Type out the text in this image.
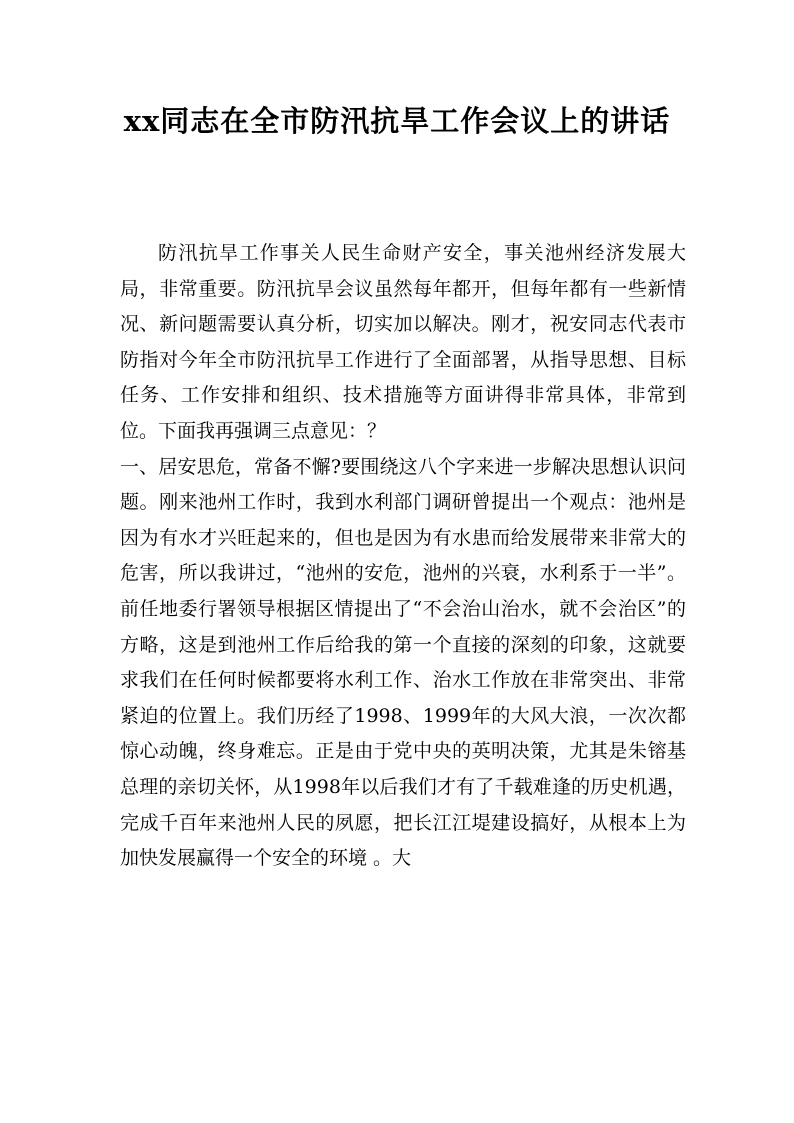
xx同志在全市防汛抗旱工作会议上的讲话

防汛抗旱工作事关人民生命财产安全，事关池州经济发展大局，非常重要。防汛抗旱会议虽然每年都开，但每年都有一些新情况、新问题需要认真分析，切实加以解决。刚才，祝安同志代表市防指对今年全市防汛抗旱工作进行了全面部署，从指导思想、目标任务、工作安排和组织、技术措施等方面讲得非常具体，非常到位。下面我再强调三点意见：？

一、居安思危，常备不懈?要围绕这八个字来进一步解决思想认识问题。刚来池州工作时，我到水利部门调研曾提出一个观点：池州是因为有水才兴旺起来的，但也是因为有水患而给发展带来非常大的危害，所以我讲过，“池州的安危，池州的兴衰，水利系于一半”。前任地委行署领导根据区情提出了“不会治山治水，就不会治区”的方略，这是到池州工作后给我的第一个直接的深刻的印象，这就要求我们在任何时候都要将水利工作、治水工作放在非常突出、非常紧迫的位置上。我们历经了1998、1999年的大风大浪，一次次都惊心动魄，终身难忘。正是由于党中央的英明决策，尤其是朱镕基总理的亲切关怀，从1998年以后我们才有了千载难逢的历史机遇，完成千百年来池州人民的夙愿，把长江江堤建设搞好，从根本上为加快发展赢得一个安全的环境 。大
